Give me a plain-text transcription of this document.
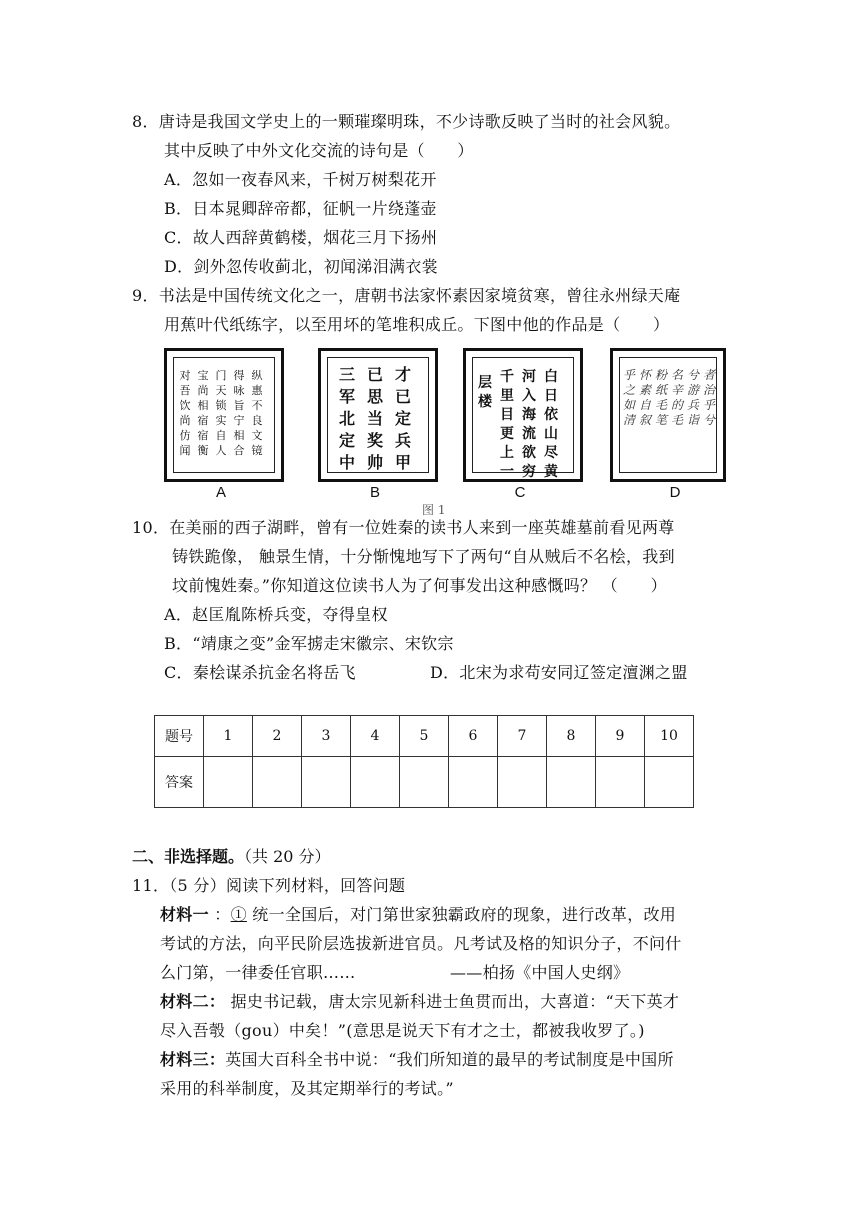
8．唐诗是我国文学史上的一颗璀璨明珠，不少诗歌反映了当时的社会风貌。
其中反映了中外文化交流的诗句是（　　）
A．忽如一夜春风来，千树万树梨花开
B．日本晁卿辞帝都，征帆一片绕蓬壶
C．故人西辞黄鹤楼，烟花三月下扬州
D．剑外忽传收蓟北，初闻涕泪满衣裳
9．书法是中国传统文化之一，唐朝书法家怀素因家境贫寒，曾往永州绿天庵
用蕉叶代纸练字，以至用坏的笔堆积成丘。下图中他的作品是（　　）
对吾饮尚仿闻
宝尚相宿宿衡
门天锁实自人
得咏旨宁相合
纵惠不良文镜
A
三军北定中
已思当奖帅
才已定兵甲
B
层楼
千里目更上一
河入海流欲穷
白日依山尽黄
C
乎之如清
怀素自叙
粉纸毛笔
名辛的毛
兮游兵诣
者治乎兮
D
图 1
10．在美丽的西子湖畔，曾有一位姓秦的读书人来到一座英雄墓前看见两尊
铸铁跪像， 触景生情，十分惭愧地写下了两句“自从贼后不名桧，我到
坟前愧姓秦。”你知道这位读书人为了何事发出这种感慨吗？ （　　）
A．赵匡胤陈桥兵变，夺得皇权
B．“靖康之变”金军掳走宋徽宗、宋钦宗
C．秦桧谋杀抗金名将岳飞	D．北宋为求苟安同辽签定澶渊之盟
题号	1	2	3	4	5	6	7	8	9	10
答案										
二、非选择题。（共 20 分）
11．（5 分）阅读下列材料，回答问题
材料一 ：① 统一全国后，对门第世家独霸政府的现象，进行改革，改用
考试的方法，向平民阶层选拔新进官员。凡考试及格的知识分子，不问什
么门第，一律委任官职……	——柏扬《中国人史纲》
材料二： 据史书记载，唐太宗见新科进士鱼贯而出，大喜道：“天下英才
尽入吾彀（gou）中矣！”(意思是说天下有才之士，都被我收罗了。)
材料三：英国大百科全书中说：“我们所知道的最早的考试制度是中国所
采用的科举制度，及其定期举行的考试。”
